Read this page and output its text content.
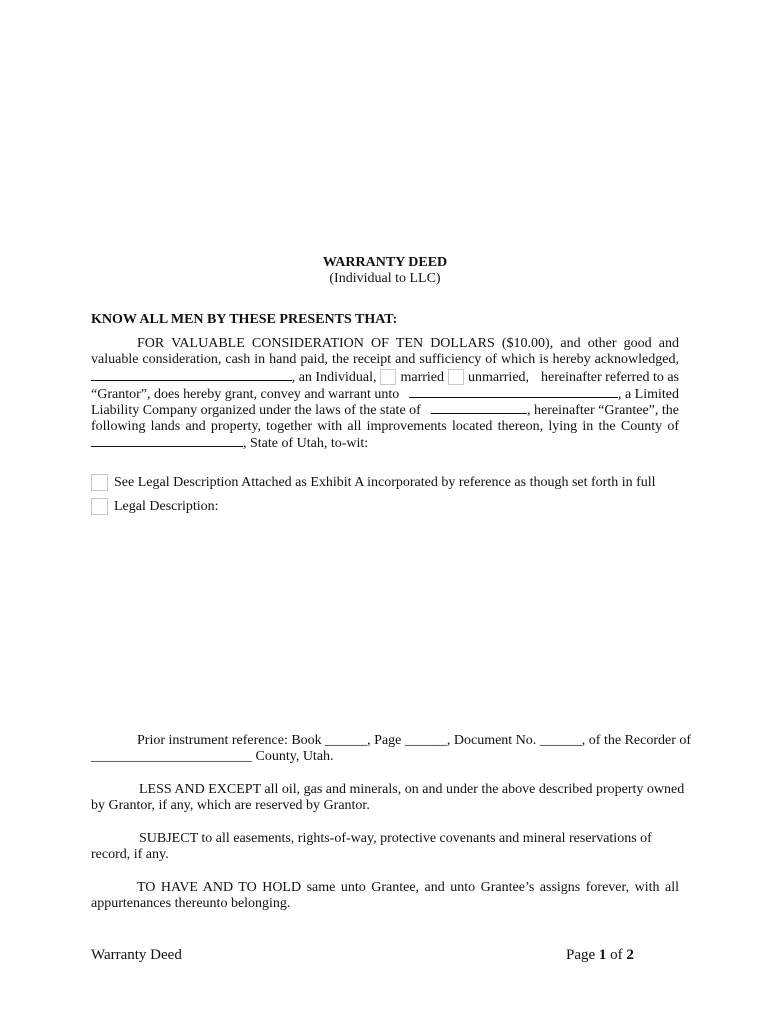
WARRANTY DEED
(Individual to LLC)
KNOW ALL MEN BY THESE PRESENTS THAT:
FOR VALUABLE CONSIDERATION OF TEN DOLLARS ($10.00), and other good and
valuable consideration, cash in hand paid, the receipt and sufficiency of which is hereby acknowledged,
, an Individual, married unmarried, hereinafter referred to as
“Grantor”, does hereby grant, convey and warrant unto	, a Limited
Liability Company organized under the laws of the state of	, hereinafter “Grantee”, the
following lands and property, together with all improvements located thereon, lying in the County of
, State of Utah, to-wit:
See Legal Description Attached as Exhibit A incorporated by reference as though set forth in full
Legal Description:
Prior instrument reference: Book ______, Page ______, Document No. ______, of the Recorder of
_______________________ County, Utah.
LESS AND EXCEPT all oil, gas and minerals, on and under the above described property owned
by Grantor, if any, which are reserved by Grantor.
SUBJECT to all easements, rights-of-way, protective covenants and mineral reservations of
record, if any.
TO HAVE AND TO HOLD same unto Grantee, and unto Grantee’s assigns forever, with all
appurtenances thereunto belonging.
Warranty Deed	Page 1 of 2
